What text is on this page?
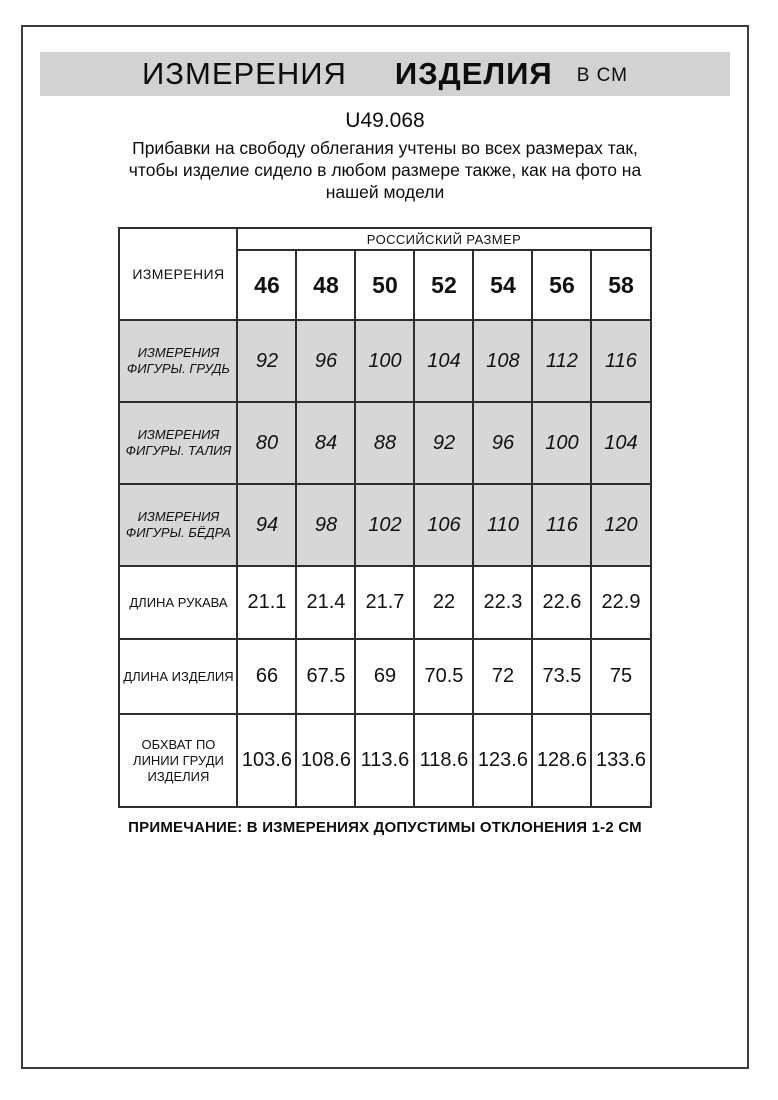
ИЗМЕРЕНИЯ ИЗДЕЛИЯ В СМ
U49.068
Прибавки на свободу облегания учтены во всех размерах так,
чтобы изделие сидело в любом размере также, как на фото на
нашей модели
ИЗМЕРЕНИЯ	РОССИЙСКИЙ РАЗМЕР						
	46	48	50	52	54	56	58
ИЗМЕРЕНИЯ ФИГУРЫ. ГРУДЬ	92	96	100	104	108	112	116
ИЗМЕРЕНИЯ ФИГУРЫ. ТАЛИЯ	80	84	88	92	96	100	104
ИЗМЕРЕНИЯ ФИГУРЫ. БЁДРА	94	98	102	106	110	116	120
ДЛИНА РУКАВА	21.1	21.4	21.7	22	22.3	22.6	22.9
ДЛИНА ИЗДЕЛИЯ	66	67.5	69	70.5	72	73.5	75
ОБХВАТ ПО ЛИНИИ ГРУДИ ИЗДЕЛИЯ	103.6	108.6	113.6	118.6	123.6	128.6	133.6
ПРИМЕЧАНИЕ: В ИЗМЕРЕНИЯХ ДОПУСТИМЫ ОТКЛОНЕНИЯ 1-2 СМ
